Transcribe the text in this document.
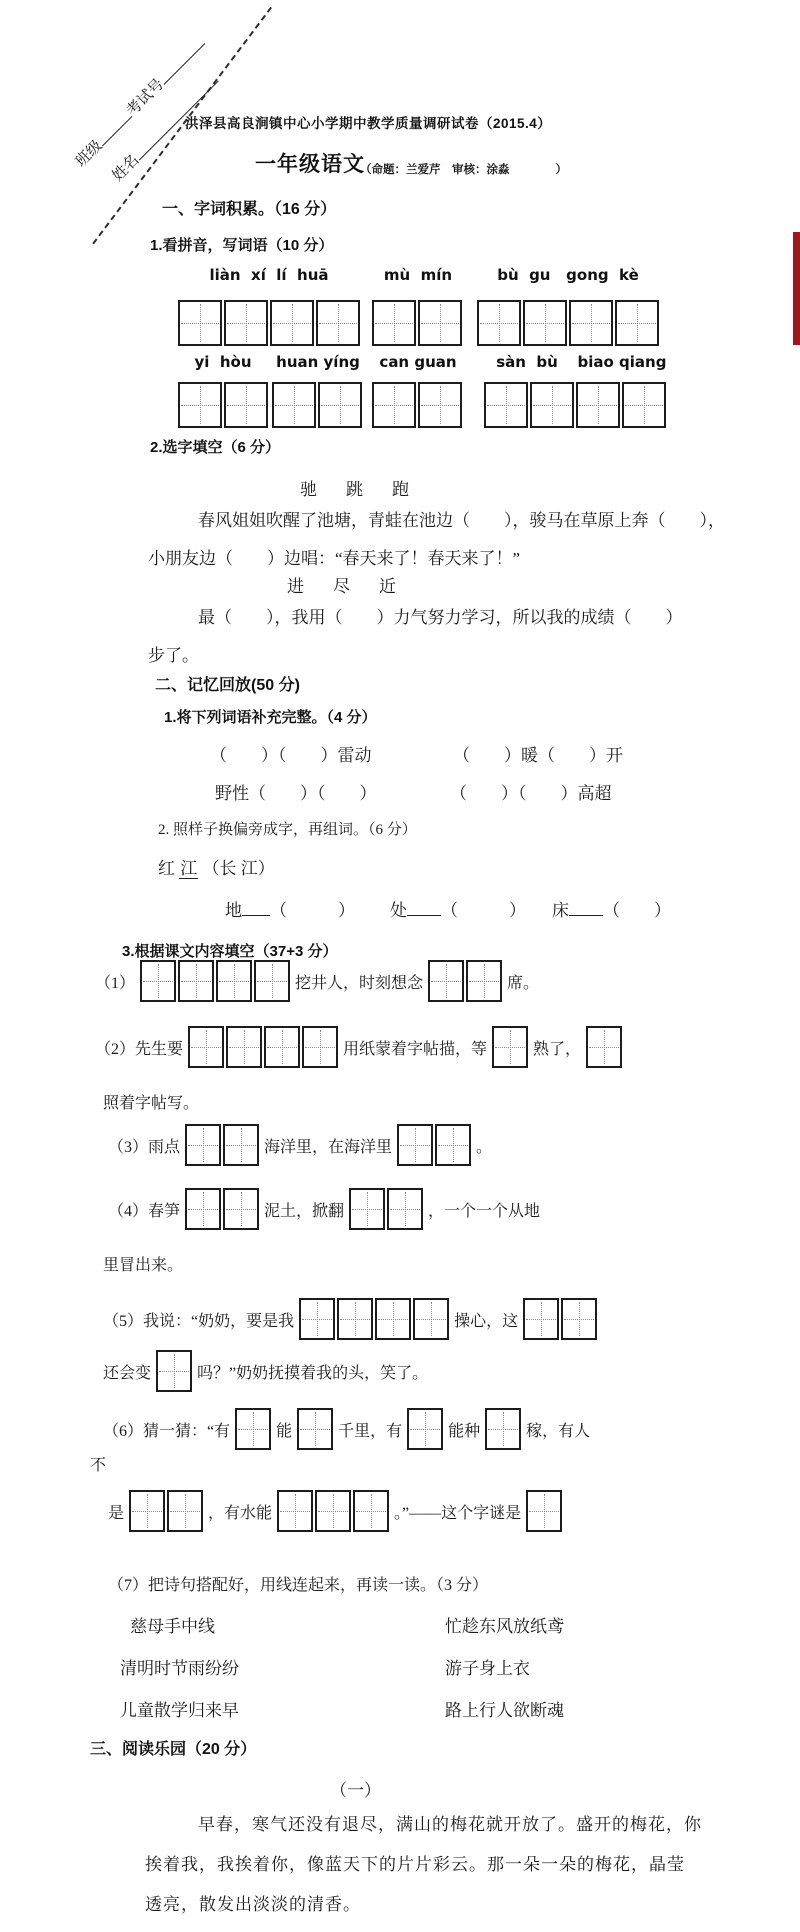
班级考试号
姓名
洪泽县高良涧镇中心小学期中教学质量调研试卷（2015.4）
一年级语文
（命题：兰爱芹　审核：涂淼　　　　）
一、字词积累。（16 分）
1.看拼音，写词语（10 分）
liàn  xí  lí  huā	mù  mín	bù  gu   gong  kè
yi  hòu	huan yíng	can guan	sàn  bù	biao qiang
2.选字填空（6 分）
驰　跳　跑
春风姐姐吹醒了池塘，青蛙在池边（　　），骏马在草原上奔（　　），
小朋友边（　　）边唱：“春天来了！春天来了！”
进　尽　近
最（　　），我用（　　）力气努力学习，所以我的成绩（　　）
步了。
二、记忆回放(50 分)
1.将下列词语补充完整。（4 分）
（　　）（　　）雷动	（　　）暖（　　）开
野性（　　）（　　）	（　　）（　　）高超
2. 照样子换偏旁成字，再组词。（6 分）
红 江 （长 江）
地 （　　　） 处 （　　　） 床 （　　）
3.根据课文内容填空（37+3 分）
（1）	挖井人，时刻想念	席。
（2）先生要	用纸蒙着字帖描，等	熟了，
照着字帖写。
（3）雨点	海洋里，在海洋里	。
（4）春笋	泥土，掀翻	，一个一个从地
里冒出来。
（5）我说：“奶奶，要是我	操心，这
还会变	吗？”奶奶抚摸着我的头，笑了。
（6）猜一猜：“有	能	千里，有	能种	稼，有人
不
是	，有水能	。”——这个字谜是
（7）把诗句搭配好，用线连起来，再读一读。（3 分）
慈母手中线	忙趁东风放纸鸢
清明时节雨纷纷	游子身上衣
儿童散学归来早	路上行人欲断魂
三、阅读乐园（20 分）
（一）
早春，寒气还没有退尽，满山的梅花就开放了。盛开的梅花，你
挨着我，我挨着你，像蓝天下的片片彩云。那一朵一朵的梅花，晶莹
透亮，散发出淡淡的清香。
